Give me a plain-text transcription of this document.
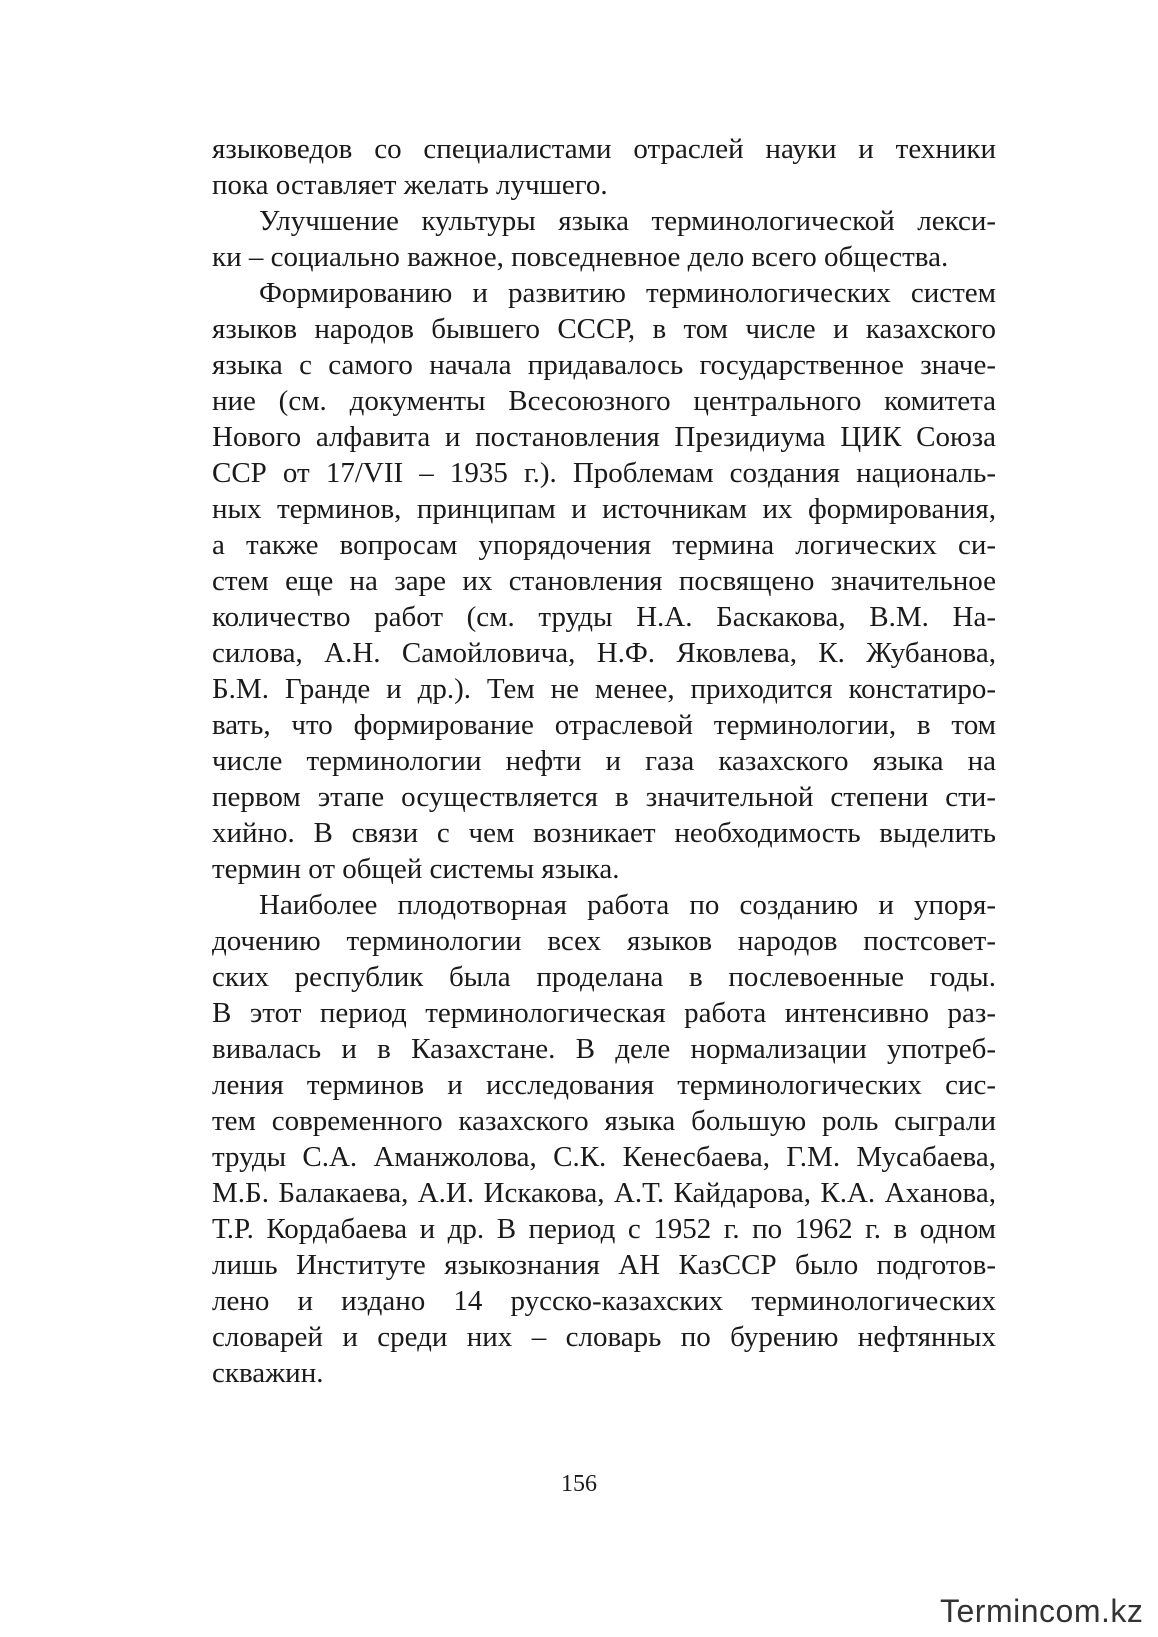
языковедов со специалистами отраслей науки и техники
пока оставляет желать лучшего.
Улучшение культуры языка терминологической лекси-
ки – социально важное, повседневное дело всего общества.
Формированию и развитию терминологических систем
языков народов бывшего СССР, в том числе и казахского
языка с самого начала придавалось государственное значе-
ние (см. документы Всесоюзного центрального комитета
Нового алфавита и постановления Президиума ЦИК Союза
ССР от 17/VII – 1935 г.). Проблемам создания националь-
ных терминов, принципам и источникам их формирования,
а также вопросам упорядочения термина логических си-
стем еще на заре их становления посвящено значительное
количество работ (см. труды Н.А. Баскакова, В.М. На-
силова, А.Н. Самойловича, Н.Ф. Яковлева, К. Жубанова,
Б.М. Гранде и др.). Тем не менее, приходится констатиро-
вать, что формирование отраслевой терминологии, в том
числе терминологии нефти и газа казахского языка на
первом этапе осуществляется в значительной степени сти-
хийно. В связи с чем возникает необходимость выделить
термин от общей системы языка.
Наиболее плодотворная работа по созданию и упоря-
дочению терминологии всех языков народов постсовет-
ских республик была проделана в послевоенные годы.
В этот период терминологическая работа интенсивно раз-
вивалась и в Казахстане. В деле нормализации употреб-
ления терминов и исследования терминологических сис-
тем современного казахского языка большую роль сыграли
труды С.А. Аманжолова, С.К. Кенесбаева, Г.М. Мусабаева,
М.Б. Балакаева, А.И. Искакова, А.Т. Кайдарова, К.А. Аханова,
Т.Р. Кордабаева и др. В период с 1952 г. по 1962 г. в одном
лишь Институте языкознания АН КазССР было подготов-
лено и издано 14 русско-казахских терминологических
словарей и среди них – словарь по бурению нефтянных
скважин.
156
Termincom.kz
